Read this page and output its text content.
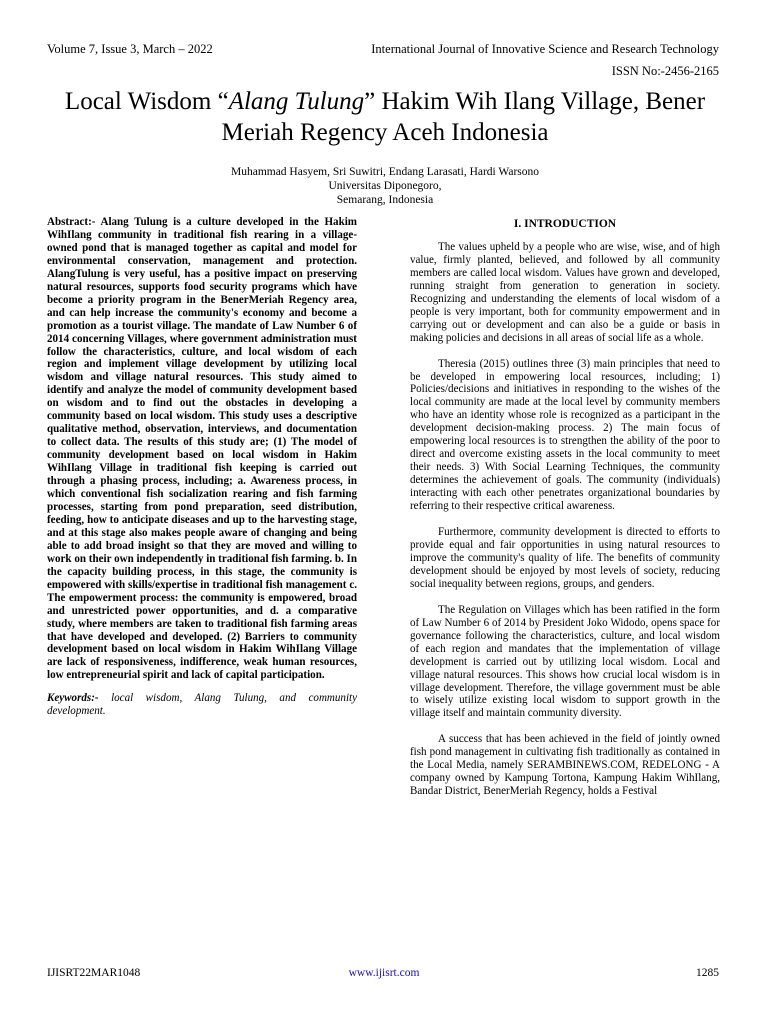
Volume 7, Issue 3, March – 2022	International Journal of Innovative Science and Research Technology
ISSN No:-2456-2165
Local Wisdom “Alang Tulung” Hakim Wih Ilang Village, Bener Meriah Regency Aceh Indonesia
Muhammad Hasyem, Sri Suwitri, Endang Larasati, Hardi Warsono
Universitas Diponegoro,
Semarang, Indonesia

Abstract:- Alang Tulung is a culture developed in the Hakim WihIlang community in traditional fish rearing in a village-owned pond that is managed together as capital and model for environmental conservation, management and protection. AlangTulung is very useful, has a positive impact on preserving natural resources, supports food security programs which have become a priority program in the BenerMeriah Regency area, and can help increase the community's economy and become a promotion as a tourist village. The mandate of Law Number 6 of 2014 concerning Villages, where government administration must follow the characteristics, culture, and local wisdom of each region and implement village development by utilizing local wisdom and village natural resources. This study aimed to identify and analyze the model of community development based on wisdom and to find out the obstacles in developing a community based on local wisdom. This study uses a descriptive qualitative method, observation, interviews, and documentation to collect data. The results of this study are; (1) The model of community development based on local wisdom in Hakim WihIlang Village in traditional fish keeping is carried out through a phasing process, including; a. Awareness process, in which conventional fish socialization rearing and fish farming processes, starting from pond preparation, seed distribution, feeding, how to anticipate diseases and up to the harvesting stage, and at this stage also makes people aware of changing and being able to add broad insight so that they are moved and willing to work on their own independently in traditional fish farming. b. In the capacity building process, in this stage, the community is empowered with skills/expertise in traditional fish management c. The empowerment process: the community is empowered, broad and unrestricted power opportunities, and d. a comparative study, where members are taken to traditional fish farming areas that have developed and developed. (2) Barriers to community development based on local wisdom in Hakim WihIlang Village are lack of responsiveness, indifference, weak human resources, low entrepreneurial spirit and lack of capital participation.

Keywords:- local wisdom, Alang Tulung, and community development.

I. INTRODUCTION

The values upheld by a people who are wise, wise, and of high value, firmly planted, believed, and followed by all community members are called local wisdom. Values have grown and developed, running straight from generation to generation in society. Recognizing and understanding the elements of local wisdom of a people is very important, both for community empowerment and in carrying out or development and can also be a guide or basis in making policies and decisions in all areas of social life as a whole.

Theresia (2015) outlines three (3) main principles that need to be developed in empowering local resources, including; 1) Policies/decisions and initiatives in responding to the wishes of the local community are made at the local level by community members who have an identity whose role is recognized as a participant in the development decision-making process. 2) The main focus of empowering local resources is to strengthen the ability of the poor to direct and overcome existing assets in the local community to meet their needs. 3) With Social Learning Techniques, the community determines the achievement of goals. The community (individuals) interacting with each other penetrates organizational boundaries by referring to their respective critical awareness.

Furthermore, community development is directed to efforts to provide equal and fair opportunities in using natural resources to improve the community's quality of life. The benefits of community development should be enjoyed by most levels of society, reducing social inequality between regions, groups, and genders.

The Regulation on Villages which has been ratified in the form of Law Number 6 of 2014 by President Joko Widodo, opens space for governance following the characteristics, culture, and local wisdom of each region and mandates that the implementation of village development is carried out by utilizing local wisdom. Local and village natural resources. This shows how crucial local wisdom is in village development. Therefore, the village government must be able to wisely utilize existing local wisdom to support growth in the village itself and maintain community diversity.

A success that has been achieved in the field of jointly owned fish pond management in cultivating fish traditionally as contained in the Local Media, namely SERAMBINEWS.COM, REDELONG - A company owned by Kampung Tortona, Kampung Hakim WihIlang, Bandar District, BenerMeriah Regency, holds a Festival

IJISRT22MAR1048	www.ijisrt.com	1285
